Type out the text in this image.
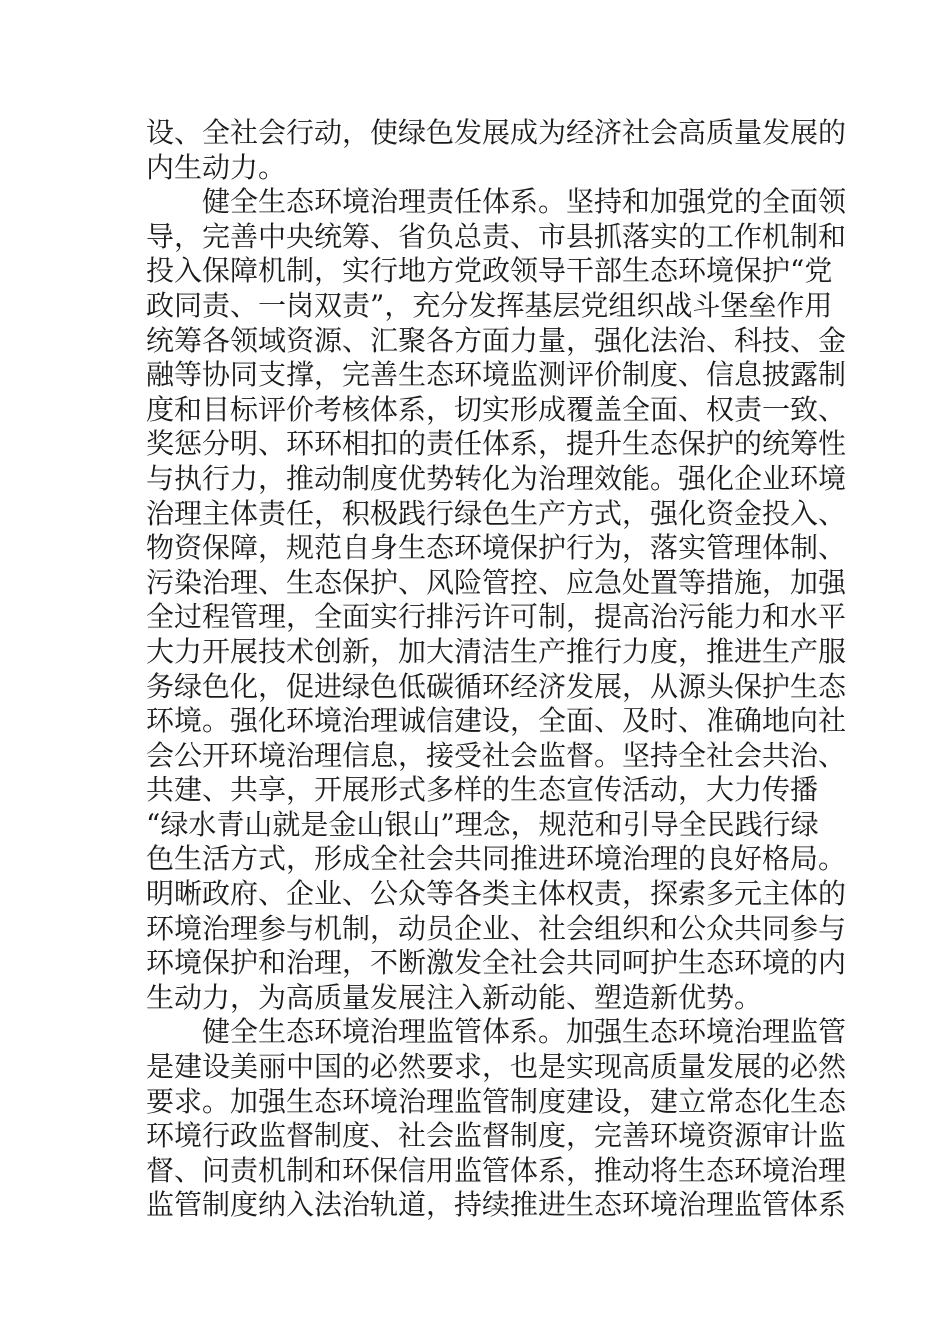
设、全社会行动，使绿色发展成为经济社会高质量发展的
内生动力。
健全生态环境治理责任体系。坚持和加强党的全面领
导，完善中央统筹、省负总责、市县抓落实的工作机制和
投入保障机制，实行地方党政领导干部生态环境保护“党
政同责、一岗双责”，充分发挥基层党组织战斗堡垒作用
统筹各领域资源、汇聚各方面力量，强化法治、科技、金
融等协同支撑，完善生态环境监测评价制度、信息披露制
度和目标评价考核体系，切实形成覆盖全面、权责一致、
奖惩分明、环环相扣的责任体系，提升生态保护的统筹性
与执行力，推动制度优势转化为治理效能。强化企业环境
治理主体责任，积极践行绿色生产方式，强化资金投入、
物资保障，规范自身生态环境保护行为，落实管理体制、
污染治理、生态保护、风险管控、应急处置等措施，加强
全过程管理，全面实行排污许可制，提高治污能力和水平
大力开展技术创新，加大清洁生产推行力度，推进生产服
务绿色化，促进绿色低碳循环经济发展，从源头保护生态
环境。强化环境治理诚信建设，全面、及时、准确地向社
会公开环境治理信息，接受社会监督。坚持全社会共治、
共建、共享，开展形式多样的生态宣传活动，大力传播
“绿水青山就是金山银山”理念，规范和引导全民践行绿
色生活方式，形成全社会共同推进环境治理的良好格局。
明晰政府、企业、公众等各类主体权责，探索多元主体的
环境治理参与机制，动员企业、社会组织和公众共同参与
环境保护和治理，不断激发全社会共同呵护生态环境的内
生动力，为高质量发展注入新动能、塑造新优势。
健全生态环境治理监管体系。加强生态环境治理监管
是建设美丽中国的必然要求，也是实现高质量发展的必然
要求。加强生态环境治理监管制度建设，建立常态化生态
环境行政监督制度、社会监督制度，完善环境资源审计监
督、问责机制和环保信用监管体系，推动将生态环境治理
监管制度纳入法治轨道，持续推进生态环境治理监管体系
